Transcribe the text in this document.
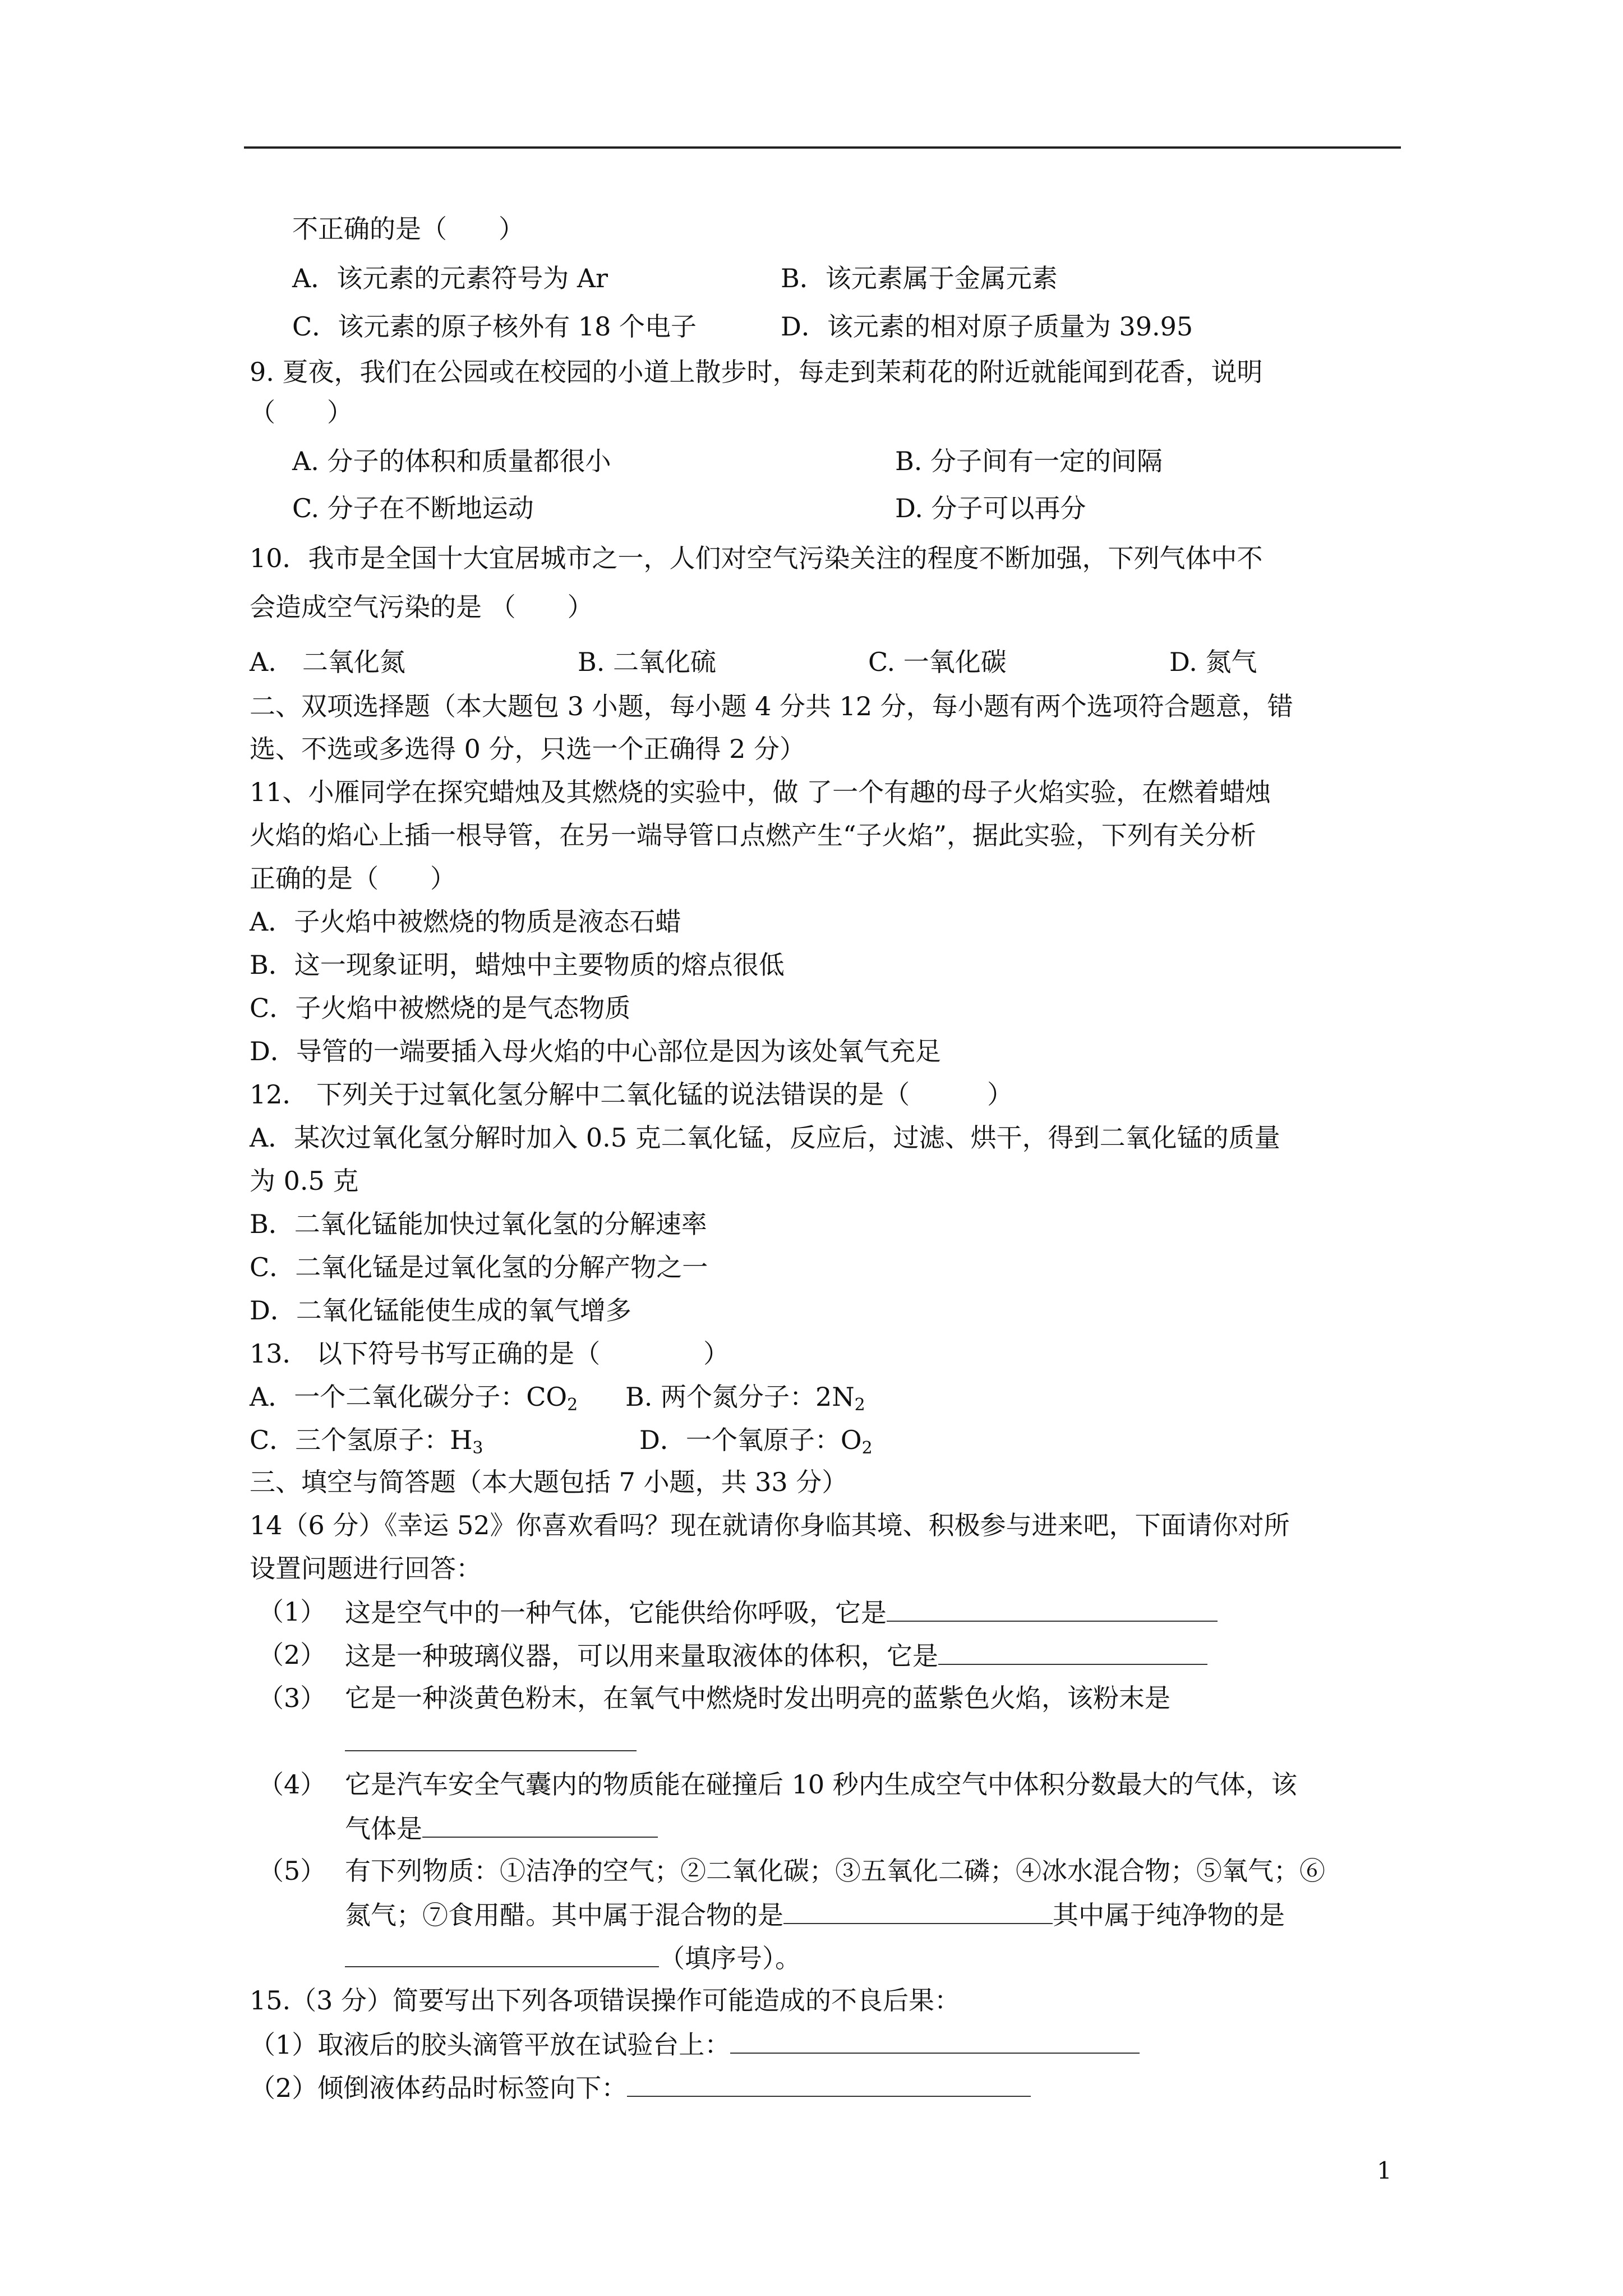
不正确的是（　　）
A．该元素的元素符号为 Ar	B．该元素属于金属元素
C．该元素的原子核外有 18 个电子	D．该元素的相对原子质量为 39.95
9. 夏夜，我们在公园或在校园的小道上散步时，每走到茉莉花的附近就能闻到花香，说明
（　　）
A. 分子的体积和质量都很小	B. 分子间有一定的间隔
C. 分子在不断地运动	D. 分子可以再分
10．我市是全国十大宜居城市之一，人们对空气污染关注的程度不断加强，下列气体中不
会造成空气污染的是 （　　）
A.　二氧化氮	B. 二氧化硫	C. 一氧化碳	D. 氮气
二、双项选择题（本大题包 3 小题，每小题 4 分共 12 分，每小题有两个选项符合题意，错
选、不选或多选得 0 分，只选一个正确得 2 分）
11、小雁同学在探究蜡烛及其燃烧的实验中，做 了一个有趣的母子火焰实验，在燃着蜡烛
火焰的焰心上插一根导管，在另一端导管口点燃产生“子火焰”，据此实验，下列有关分析
正确的是（　　）
A．子火焰中被燃烧的物质是液态石蜡
B．这一现象证明，蜡烛中主要物质的熔点很低
C．子火焰中被燃烧的是气态物质
D．导管的一端要插入母火焰的中心部位是因为该处氧气充足
12． 下列关于过氧化氢分解中二氧化锰的说法错误的是（　　　）
A．某次过氧化氢分解时加入 0.5 克二氧化锰，反应后，过滤、烘干，得到二氧化锰的质量
为 0.5 克
B．二氧化锰能加快过氧化氢的分解速率
C．二氧化锰是过氧化氢的分解产物之一
D．二氧化锰能使生成的氧气增多
13． 以下符号书写正确的是（　　　　）
A．一个二氧化碳分子：$CO_2$ B. 两个氮分子：$2N_2$
C．三个氢原子：$H_3$	D．一个氧原子：$O_2$
三、填空与简答题（本大题包括 7 小题，共 33 分）
14（6 分）《幸运 52》你喜欢看吗？现在就请你身临其境、积极参与进来吧，下面请你对所
设置问题进行回答：
（1） 这是空气中的一种气体，它能供给你呼吸，它是
（2） 这是一种玻璃仪器，可以用来量取液体的体积，它是
（3） 它是一种淡黄色粉末，在氧气中燃烧时发出明亮的蓝紫色火焰，该粉末是
（4） 它是汽车安全气囊内的物质能在碰撞后 10 秒内生成空气中体积分数最大的气体，该
气体是
（5） 有下列物质：①洁净的空气；②二氧化碳；③五氧化二磷；④冰水混合物；⑤氧气；⑥
氮气；⑦食用醋。其中属于混合物的是	其中属于纯净物的是
（填序号）。
15.（3 分）简要写出下列各项错误操作可能造成的不良后果：
（1）取液后的胶头滴管平放在试验台上：
（2）倾倒液体药品时标签向下：
1
